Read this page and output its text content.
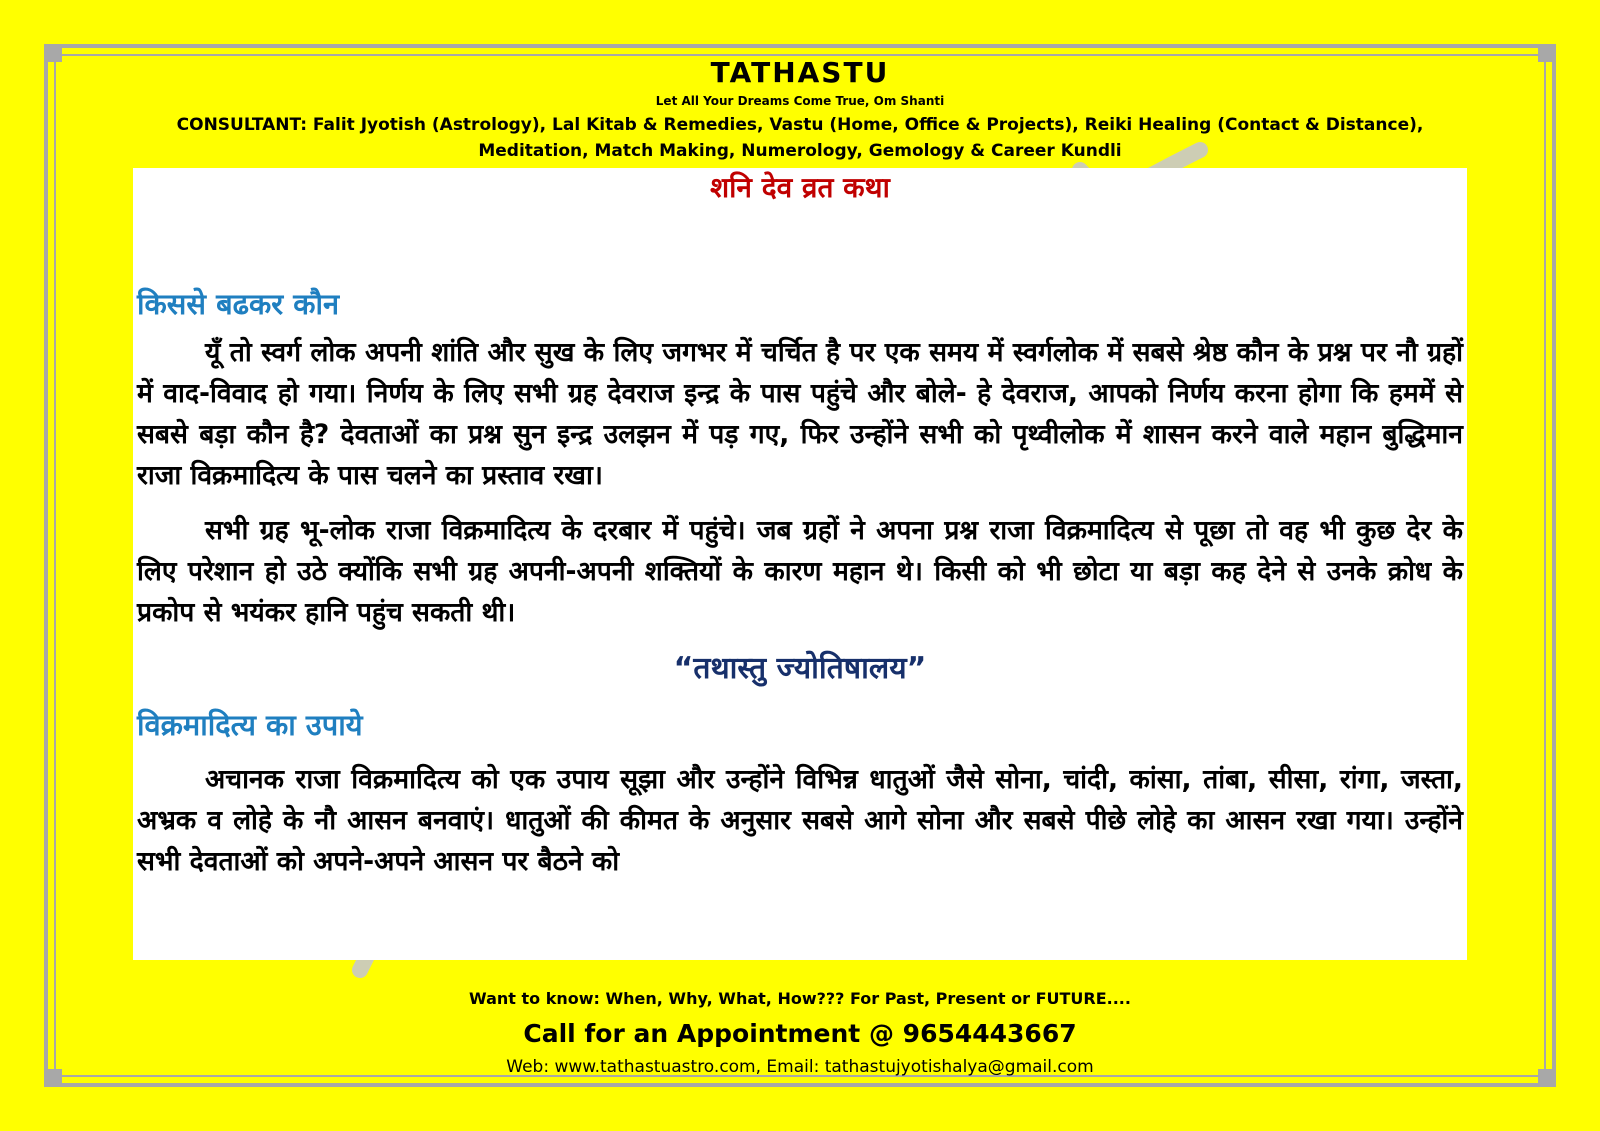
TATHASTU
Let All Your Dreams Come True, Om Shanti
CONSULTANT: Falit Jyotish (Astrology), Lal Kitab & Remedies, Vastu (Home, Office & Projects), Reiki Healing (Contact & Distance), Meditation, Match Making, Numerology, Gemology & Career Kundli
शनि देव व्रत कथा
किससे बढकर कौन

यूँ तो स्वर्ग लोक अपनी शांति और सुख के लिए जगभर में चर्चित है पर एक समय में स्वर्गलोक में सबसे श्रेष्ठ कौन के प्रश्न पर नौ ग्रहों में वाद-विवाद हो गया। निर्णय के लिए सभी ग्रह देवराज इन्द्र के पास पहुंचे और बोले- हे देवराज, आपको निर्णय करना होगा कि हममें से सबसे बड़ा कौन है? देवताओं का प्रश्न सुन इन्द्र उलझन में पड़ गए, फिर उन्होंने सभी को पृथ्वीलोक में शासन करने वाले महान बुद्धिमान राजा विक्रमादित्य के पास चलने का प्रस्ताव रखा।

सभी ग्रह भू-लोक राजा विक्रमादित्य के दरबार में पहुंचे। जब ग्रहों ने अपना प्रश्न राजा विक्रमादित्य से पूछा तो वह भी कुछ देर के लिए परेशान हो उठे क्योंकि सभी ग्रह अपनी-अपनी शक्तियों के कारण महान थे। किसी को भी छोटा या बड़ा कह देने से उनके क्रोध के प्रकोप से भयंकर हानि पहुंच सकती थी।

“तथास्तु ज्योतिषालय”

विक्रमादित्य का उपाये

अचानक राजा विक्रमादित्य को एक उपाय सूझा और उन्होंने विभिन्न धातुओं जैसे सोना, चांदी, कांसा, तांबा, सीसा, रांगा, जस्ता, अभ्रक व लोहे के नौ आसन बनवाएं। धातुओं की कीमत के अनुसार सबसे आगे सोना और सबसे पीछे लोहे का आसन रखा गया। उन्होंने सभी देवताओं को अपने-अपने आसन पर बैठने को

Want to know: When, Why, What, How??? For Past, Present or FUTURE....
Call for an Appointment @ 9654443667
Web: www.tathastuastro.com, Email: tathastujyotishalya@gmail.com
